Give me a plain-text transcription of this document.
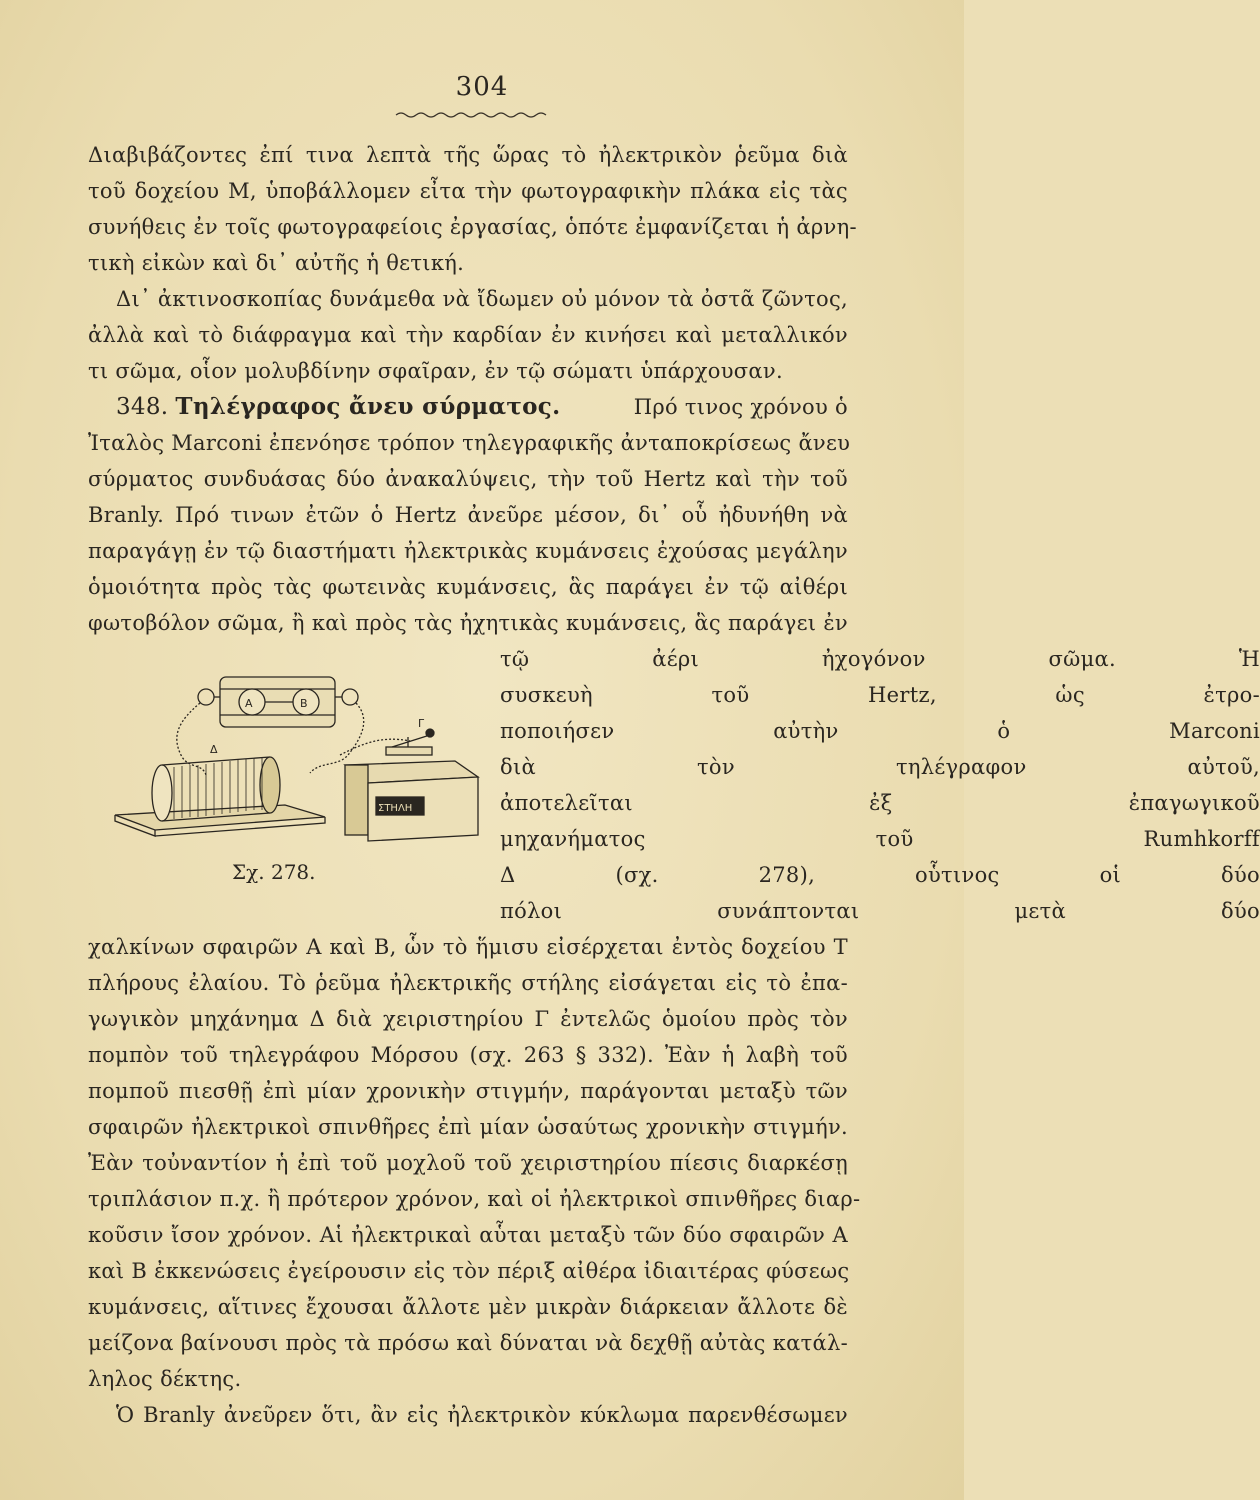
304
Διαβιβάζοντες ἐπί τινα λεπτὰ τῆς ὥρας τὸ ἠλεκτρικὸν ῥεῦμα διὰ
τοῦ δοχείου Μ, ὑποβάλλομεν εἶτα τὴν φωτογραφικὴν πλάκα εἰς τὰς
συνήθεις ἐν τοῖς φωτογραφείοις ἐργασίας, ὁπότε ἐμφανίζεται ἡ ἀρνη-
τικὴ εἰκὼν καὶ δι᾽ αὐτῆς ἡ θετική.
Δι᾽ ἀκτινοσκοπίας δυνάμεθα νὰ ἴδωμεν οὐ μόνον τὰ ὀστᾶ ζῶντος,
ἀλλὰ καὶ τὸ διάφραγμα καὶ τὴν καρδίαν ἐν κινήσει καὶ μεταλλικόν
τι σῶμα, οἷον μολυβδίνην σφαῖραν, ἐν τῷ σώματι ὑπάρχουσαν.
348. Τηλέγραφος ἄνευ σύρματος.	Πρό τινος χρόνου ὁ
Ἰταλὸς Marconi ἐπενόησε τρόπον τηλεγραφικῆς ἀνταποκρίσεως ἄνευ
σύρματος συνδυάσας δύο ἀνακαλύψεις, τὴν τοῦ Hertz καὶ τὴν τοῦ
Branly. Πρό τινων ἐτῶν ὁ Hertz ἀνεῦρε μέσον, δι᾽ οὗ ἠδυνήθη νὰ
παραγάγῃ ἐν τῷ διαστήματι ἠλεκτρικὰς κυμάνσεις ἐχούσας μεγάλην
ὁμοιότητα πρὸς τὰς φωτεινὰς κυμάνσεις, ἃς παράγει ἐν τῷ αἰθέρι
φωτοβόλον σῶμα, ἢ καὶ πρὸς τὰς ἠχητικὰς κυμάνσεις, ἃς παράγει ἐν
τῷ ἀέρι ἠχογόνον σῶμα. Ἡ
συσκευὴ τοῦ Hertz, ὡς ἐτρο-
ποποιήσεν αὐτὴν ὁ Marconi
διὰ τὸν τηλέγραφον αὐτοῦ,
ἀποτελεῖται ἐξ ἐπαγωγικοῦ
μηχανήματος τοῦ Rumhkorff
Δ (σχ. 278), οὗτινος οἱ δύο
πόλοι συνάπτονται μετὰ δύο
Α	Β
Γ
Δ
ΣΤΗΛΗ
Σχ. 278.
χαλκίνων σφαιρῶν Α καὶ Β, ὧν τὸ ἥμισυ εἰσέρχεται ἐντὸς δοχείου Τ
πλήρους ἐλαίου. Τὸ ῥεῦμα ἠλεκτρικῆς στήλης εἰσάγεται εἰς τὸ ἐπα-
γωγικὸν μηχάνημα Δ διὰ χειριστηρίου Γ ἐντελῶς ὁμοίου πρὸς τὸν
πομπὸν τοῦ τηλεγράφου Μόρσου (σχ. 263 § 332). Ἐὰν ἡ λαβὴ τοῦ
πομποῦ πιεσθῇ ἐπὶ μίαν χρονικὴν στιγμήν, παράγονται μεταξὺ τῶν
σφαιρῶν ἠλεκτρικοὶ σπινθῆρες ἐπὶ μίαν ὡσαύτως χρονικὴν στιγμήν.
Ἐὰν τοὐναντίον ἡ ἐπὶ τοῦ μοχλοῦ τοῦ χειριστηρίου πίεσις διαρκέσῃ
τριπλάσιον π.χ. ἢ πρότερον χρόνον, καὶ οἱ ἠλεκτρικοὶ σπινθῆρες διαρ-
κοῦσιν ἴσον χρόνον. Αἱ ἠλεκτρικαὶ αὗται μεταξὺ τῶν δύο σφαιρῶν Α
καὶ Β ἐκκενώσεις ἐγείρουσιν εἰς τὸν πέριξ αἰθέρα ἰδιαιτέρας φύσεως
κυμάνσεις, αἵτινες ἔχουσαι ἄλλοτε μὲν μικρὰν διάρκειαν ἄλλοτε δὲ
μείζονα βαίνουσι πρὸς τὰ πρόσω καὶ δύναται νὰ δεχθῇ αὐτὰς κατάλ-
ληλος δέκτης.
Ὁ Branly ἀνεῦρεν ὅτι, ἂν εἰς ἠλεκτρικὸν κύκλωμα παρενθέσωμεν
